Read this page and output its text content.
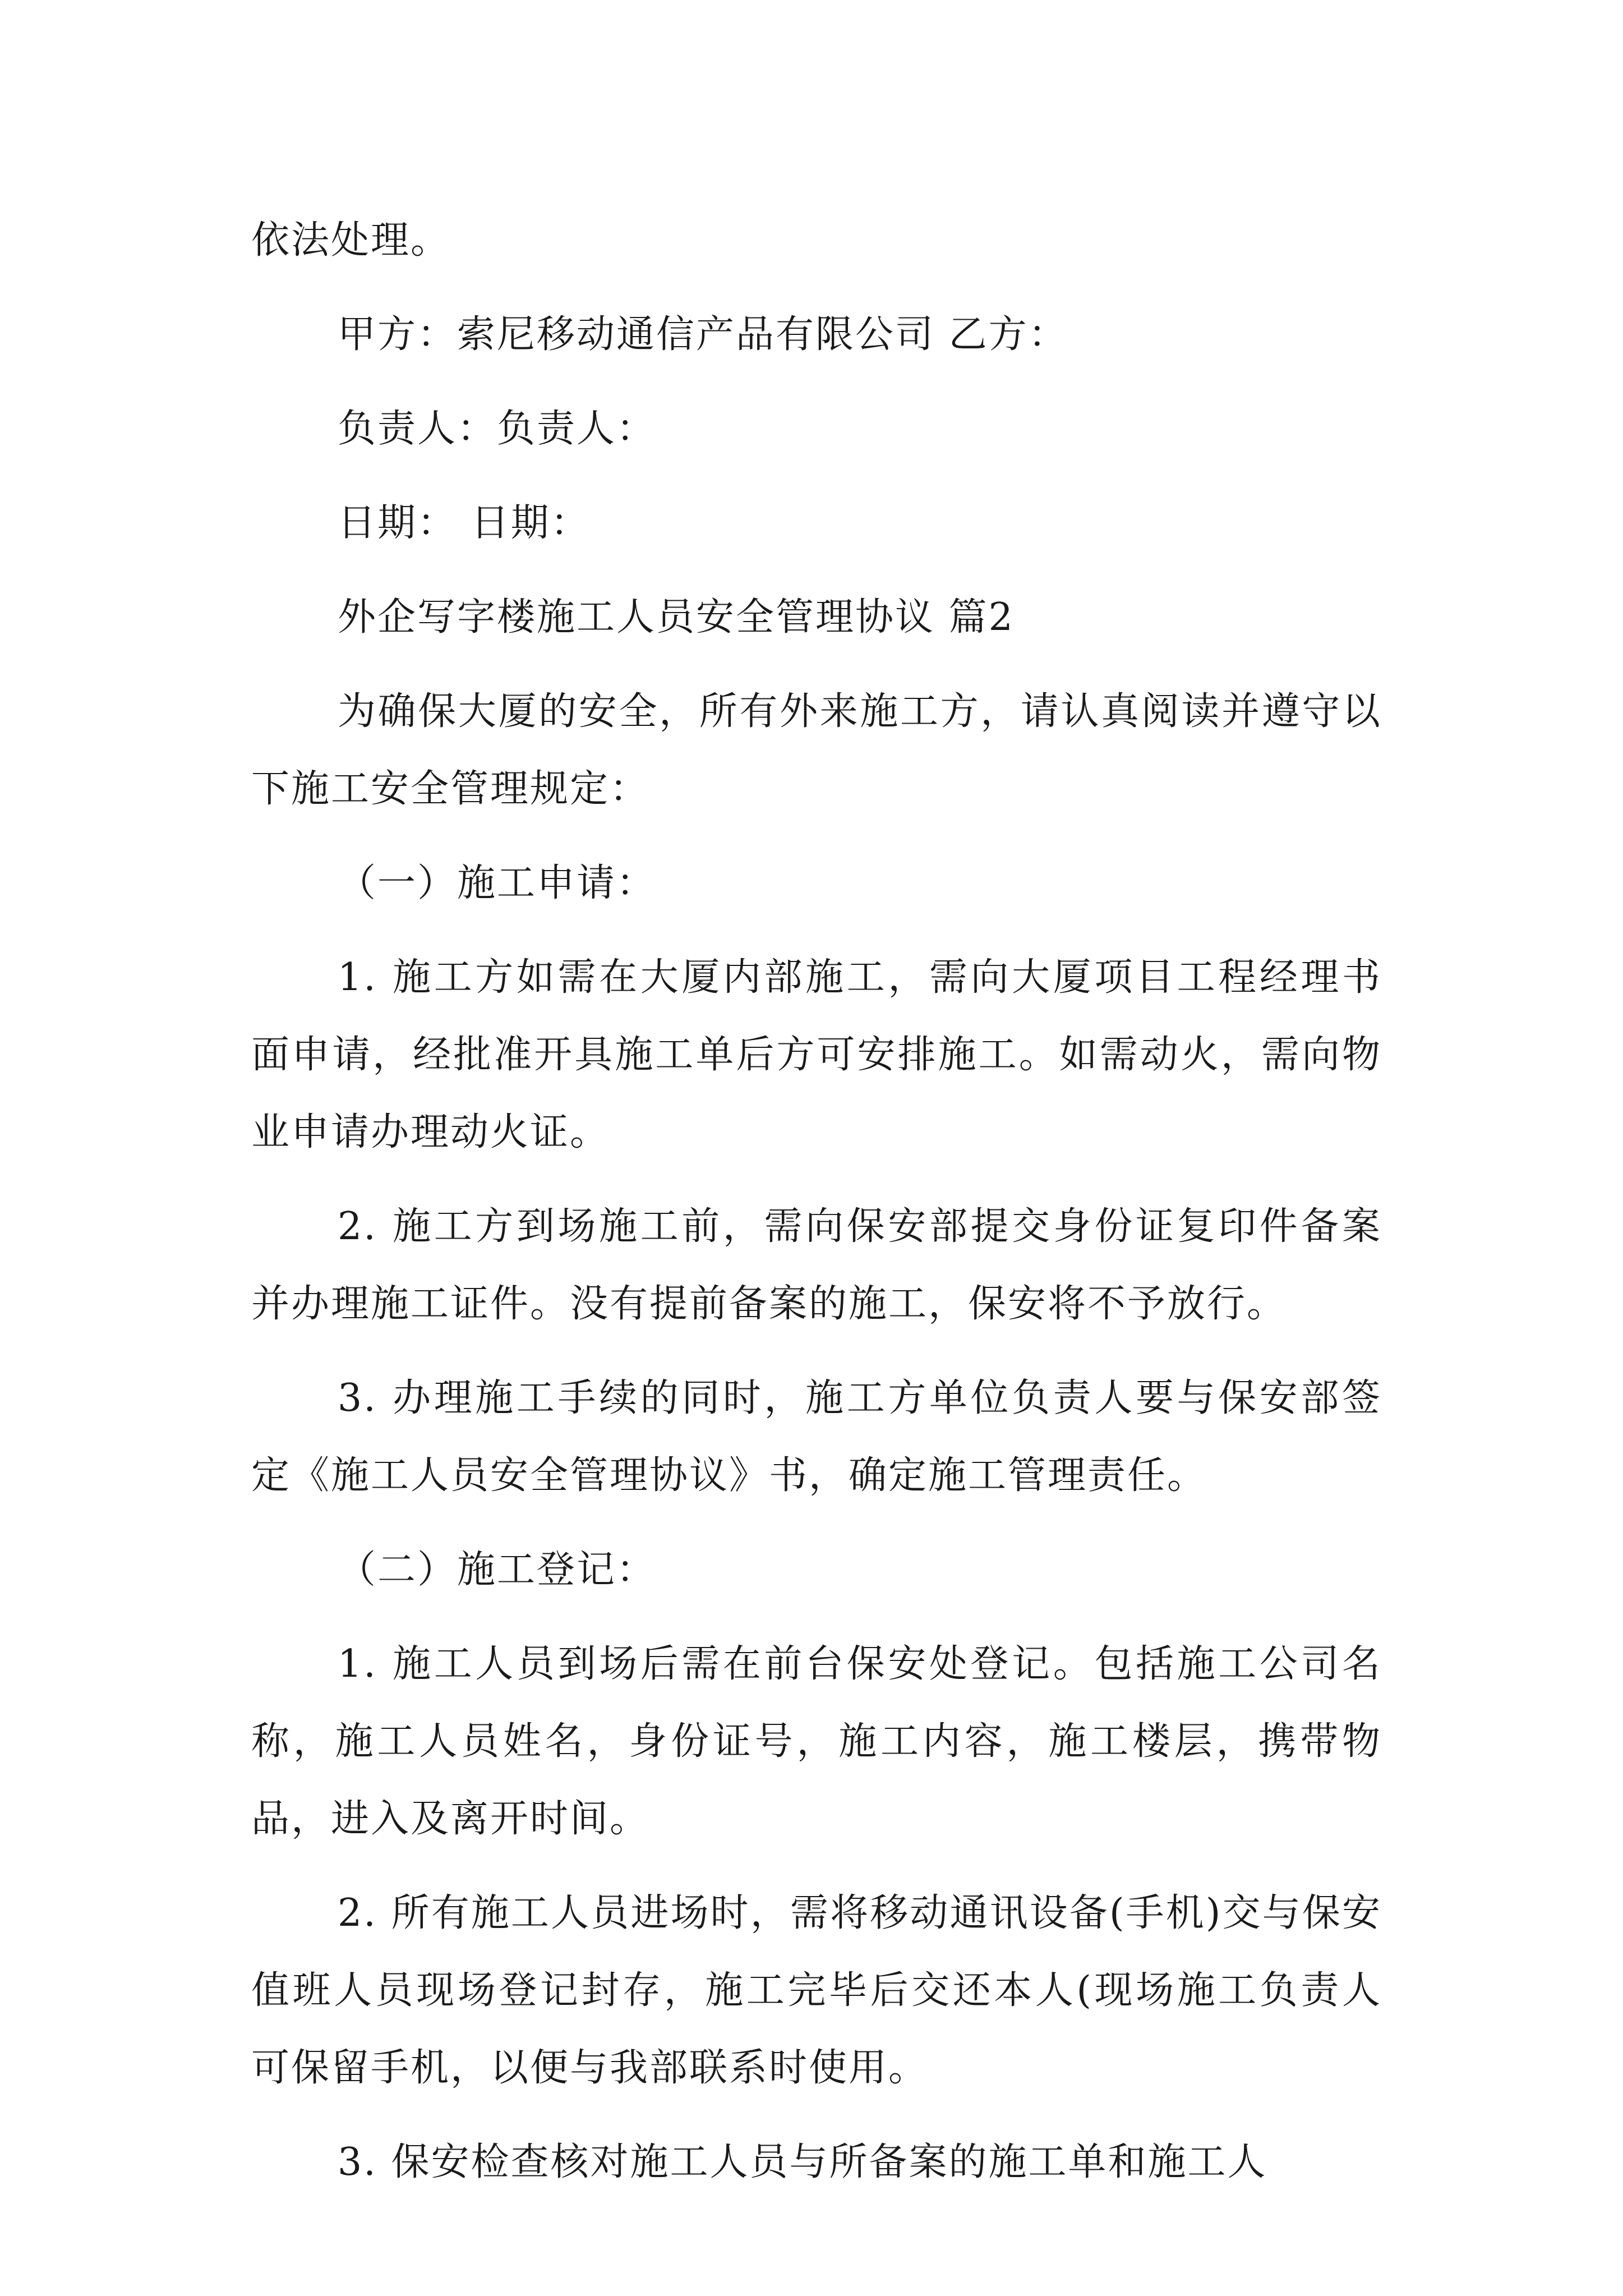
依法处理。

甲方：索尼移动通信产品有限公司 乙方：

负责人：负责人：

日期： 日期：

外企写字楼施工人员安全管理协议 篇2

为确保大厦的安全，所有外来施工方，请认真阅读并遵守以下施工安全管理规定：

（一）施工申请：

1. 施工方如需在大厦内部施工，需向大厦项目工程经理书面申请，经批准开具施工单后方可安排施工。如需动火，需向物业申请办理动火证。

2. 施工方到场施工前，需向保安部提交身份证复印件备案并办理施工证件。没有提前备案的施工，保安将不予放行。

3. 办理施工手续的同时，施工方单位负责人要与保安部签定《施工人员安全管理协议》书，确定施工管理责任。

（二）施工登记：

1. 施工人员到场后需在前台保安处登记。包括施工公司名称，施工人员姓名，身份证号，施工内容，施工楼层，携带物品，进入及离开时间。

2. 所有施工人员进场时，需将移动通讯设备(手机)交与保安值班人员现场登记封存，施工完毕后交还本人(现场施工负责人可保留手机，以便与我部联系时使用。

3. 保安检查核对施工人员与所备案的施工单和施工人
